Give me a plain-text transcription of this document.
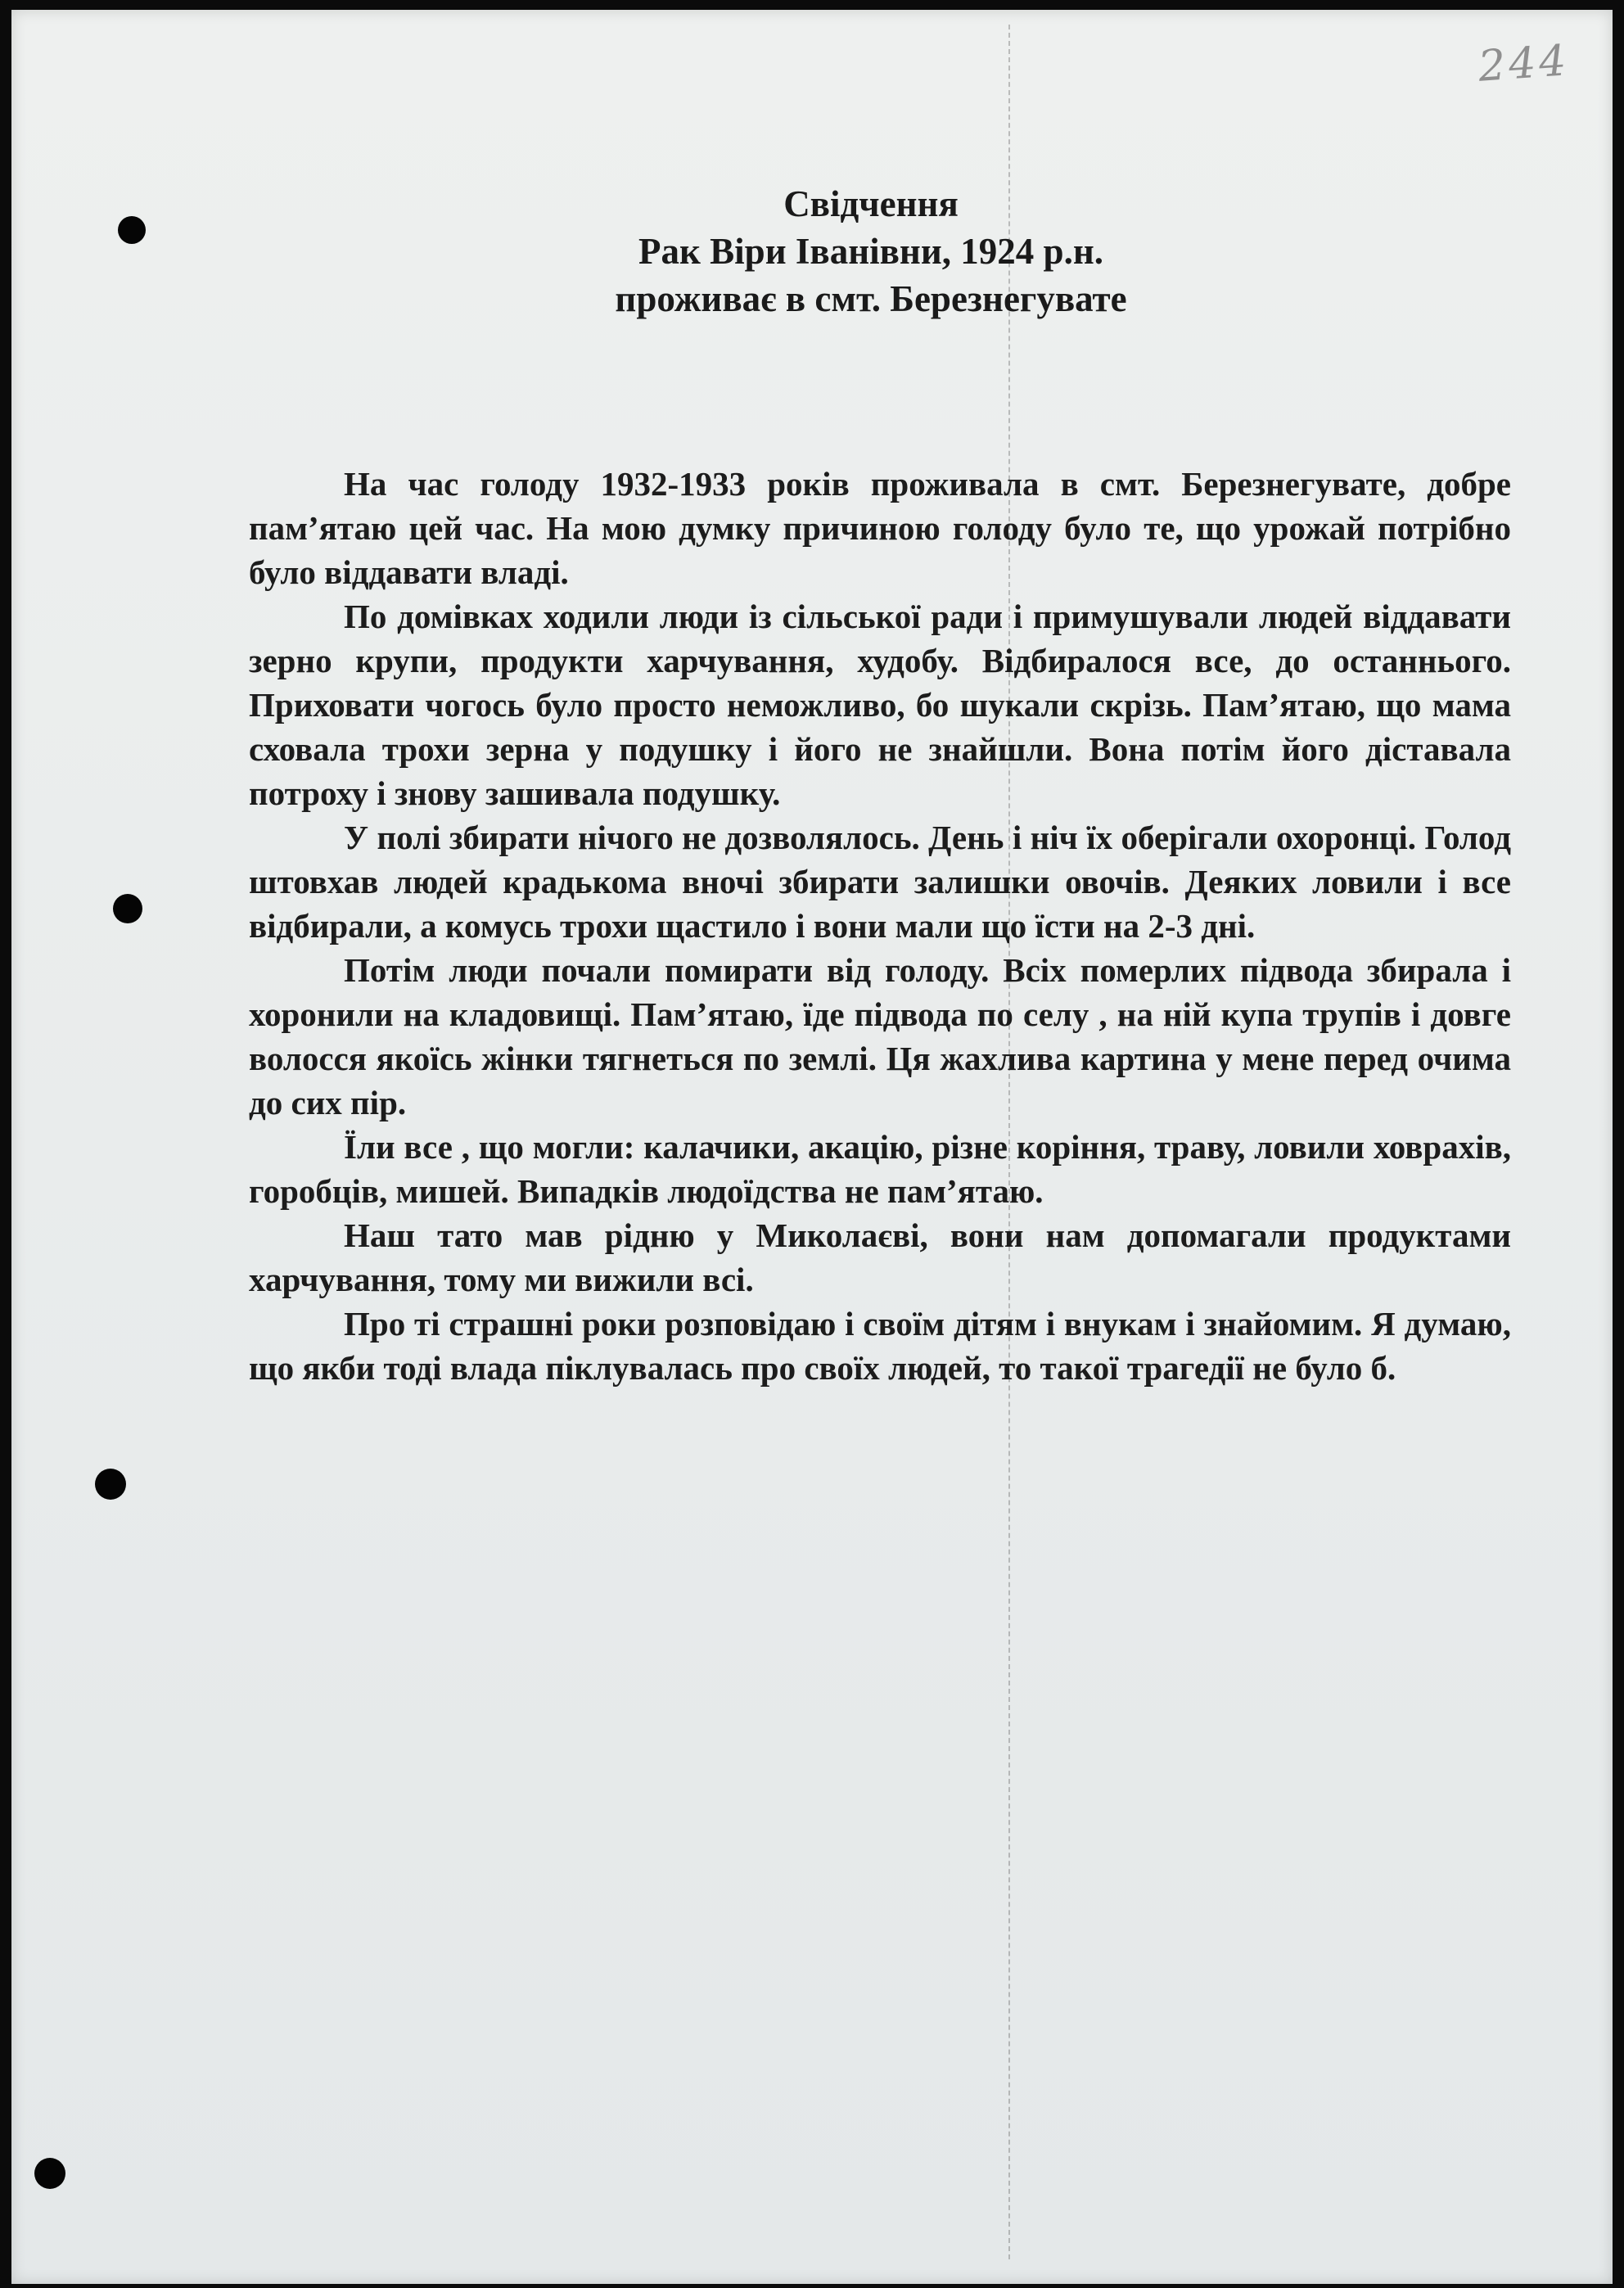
244
Свідчення
Рак Віри Іванівни, 1924 р.н.
проживає в смт. Березнегувате

На час голоду 1932-1933 років проживала в смт. Березнегувате, добре пам’ятаю цей час. На мою думку причиною голоду було те, що урожай потрібно було віддавати владі.

По домівках ходили люди із сільської ради і примушували людей віддавати зерно крупи, продукти харчування, худобу. Відбиралося все, до останнього. Приховати чогось було просто неможливо, бо шукали скрізь. Пам’ятаю, що мама сховала трохи зерна у подушку і його не знайшли. Вона потім його діставала потроху і знову зашивала подушку.

У полі збирати нічого не дозволялось. День і ніч їх оберігали охоронці. Голод штовхав людей крадькома вночі збирати залишки овочів. Деяких ловили і все відбирали, а комусь трохи щастило і вони мали що їсти на 2-3 дні.

Потім люди почали помирати від голоду. Всіх померлих підвода збирала і хоронили на кладовищі. Пам’ятаю, їде підвода по селу , на ній купа трупів і довге волосся якоїсь жінки тягнеться по землі. Ця жахлива картина у мене перед очима до сих пір.

Їли все , що могли: калачики, акацію, різне коріння, траву, ловили ховрахів, горобців, мишей. Випадків людоїдства не пам’ятаю.

Наш тато мав рідню у Миколаєві, вони нам допомагали продуктами харчування, тому ми вижили всі.

Про ті страшні роки розповідаю і своїм дітям і внукам і знайомим. Я думаю, що якби тоді влада піклувалась про своїх людей, то такої трагедії не було б.
